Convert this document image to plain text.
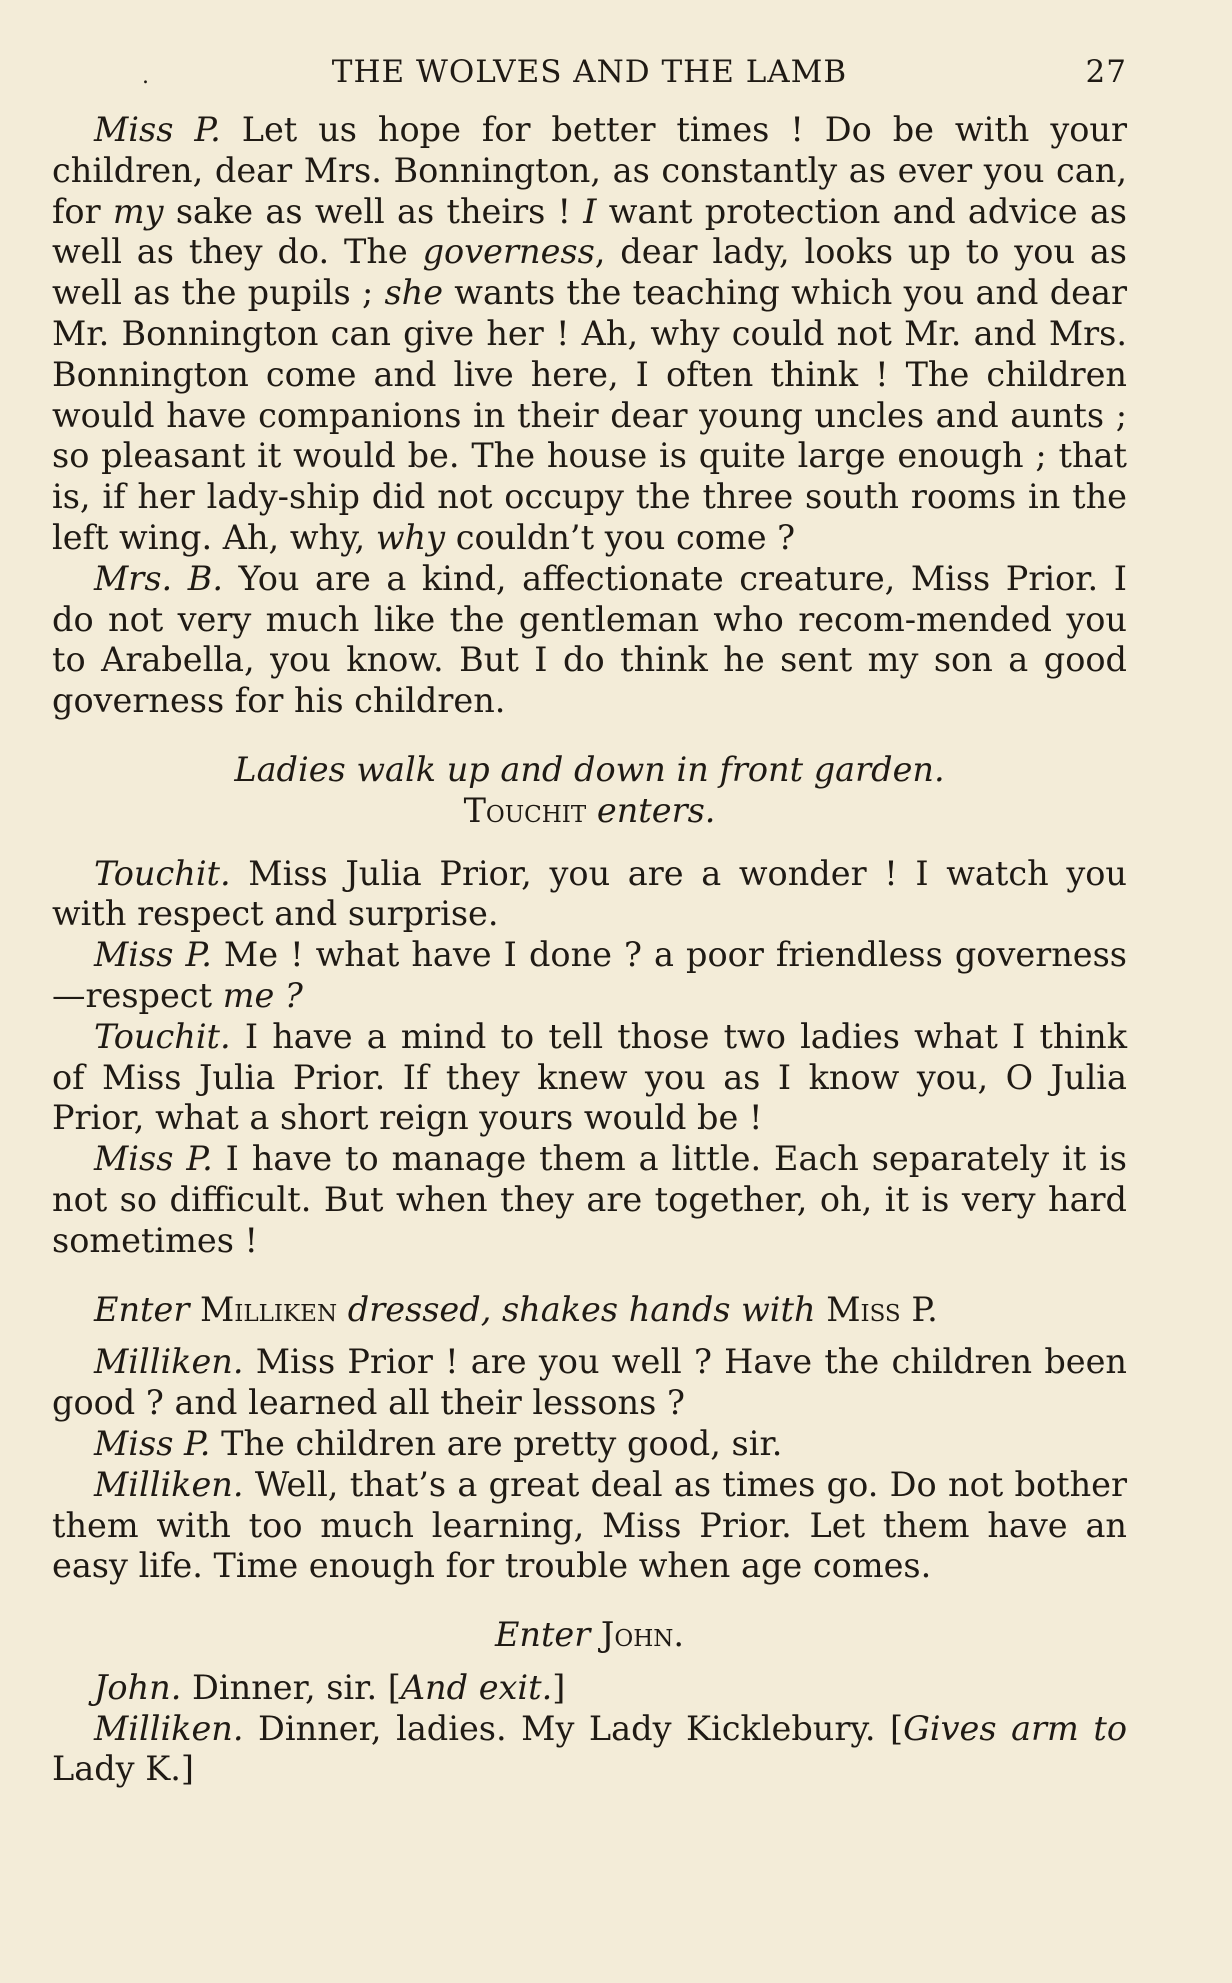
.	THE WOLVES AND THE LAMB	27

Miss P. Let us hope for better times ! Do be with your children, dear Mrs. Bonnington, as constantly as ever you can, for my sake as well as theirs ! I want protection and advice as well as they do. The governess, dear lady, looks up to you as well as the pupils ; she wants the teaching which you and dear Mr. Bonnington can give her ! Ah, why could not Mr. and Mrs. Bonnington come and live here, I often think ! The children would have companions in their dear young uncles and aunts ; so pleasant it would be. The house is quite large enough ; that is, if her lady-ship did not occupy the three south rooms in the left wing. Ah, why, why couldn’t you come ?

Mrs. B. You are a kind, affectionate creature, Miss Prior. I do not very much like the gentleman who recom-mended you to Arabella, you know. But I do think he sent my son a good governess for his children.

Ladies walk up and down in front garden.

Touchit enters.

Touchit. Miss Julia Prior, you are a wonder ! I watch you with respect and surprise.

Miss P. Me ! what have I done ? a poor friendless governess—respect me ?

Touchit. I have a mind to tell those two ladies what I think of Miss Julia Prior. If they knew you as I know you, O Julia Prior, what a short reign yours would be !

Miss P. I have to manage them a little. Each separately it is not so difficult. But when they are together, oh, it is very hard sometimes !

Enter Milliken dressed, shakes hands with Miss P.

Milliken. Miss Prior ! are you well ? Have the children been good ? and learned all their lessons ?

Miss P. The children are pretty good, sir.

Milliken. Well, that’s a great deal as times go. Do not bother them with too much learning, Miss Prior. Let them have an easy life. Time enough for trouble when age comes.

Enter John.

John. Dinner, sir. [And exit.]

Milliken. Dinner, ladies. My Lady Kicklebury. [Gives arm to Lady K.]
